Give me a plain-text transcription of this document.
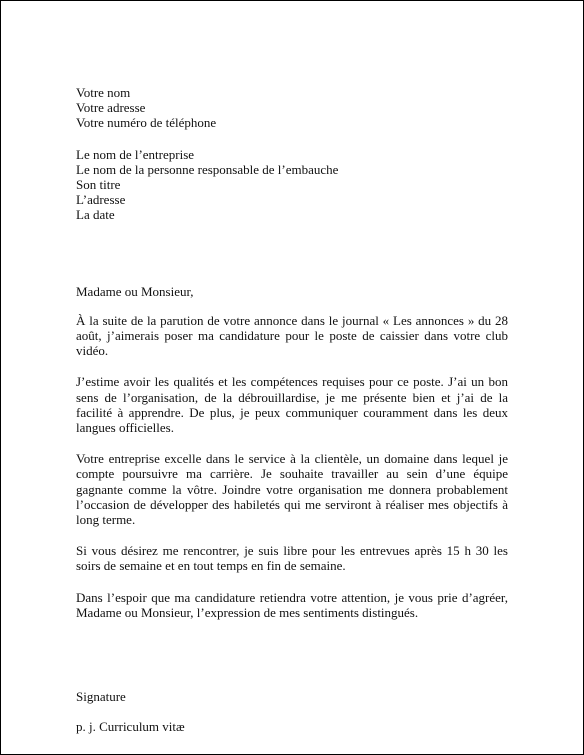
Votre nom
Votre adresse
Votre numéro de téléphone
Le nom de l’entreprise
Le nom de la personne responsable de l’embauche
Son titre
L’adresse
La date

Madame ou Monsieur,

À la suite de la parution de votre annonce dans le journal « Les annonces » du 28 août, j’aimerais poser ma candidature pour le poste de caissier dans votre club vidéo.

J’estime avoir les qualités et les compétences requises pour ce poste. J’ai un bon sens de l’organisation, de la débrouillardise, je me présente bien et j’ai de la facilité à apprendre. De plus, je peux communiquer couramment dans les deux langues officielles.

Votre entreprise excelle dans le service à la clientèle, un domaine dans lequel je compte poursuivre ma carrière. Je souhaite travailler au sein d’une équipe gagnante comme la vôtre. Joindre votre organisation me donnera probablement l’occasion de développer des habiletés qui me serviront à réaliser mes objectifs à long terme.

Si vous désirez me rencontrer, je suis libre pour les entrevues après 15 h 30 les soirs de semaine et en tout temps en fin de semaine.

Dans l’espoir que ma candidature retiendra votre attention, je vous prie d’agréer, Madame ou Monsieur, l’expression de mes sentiments distingués.

Signature
p. j. Curriculum vitæ
